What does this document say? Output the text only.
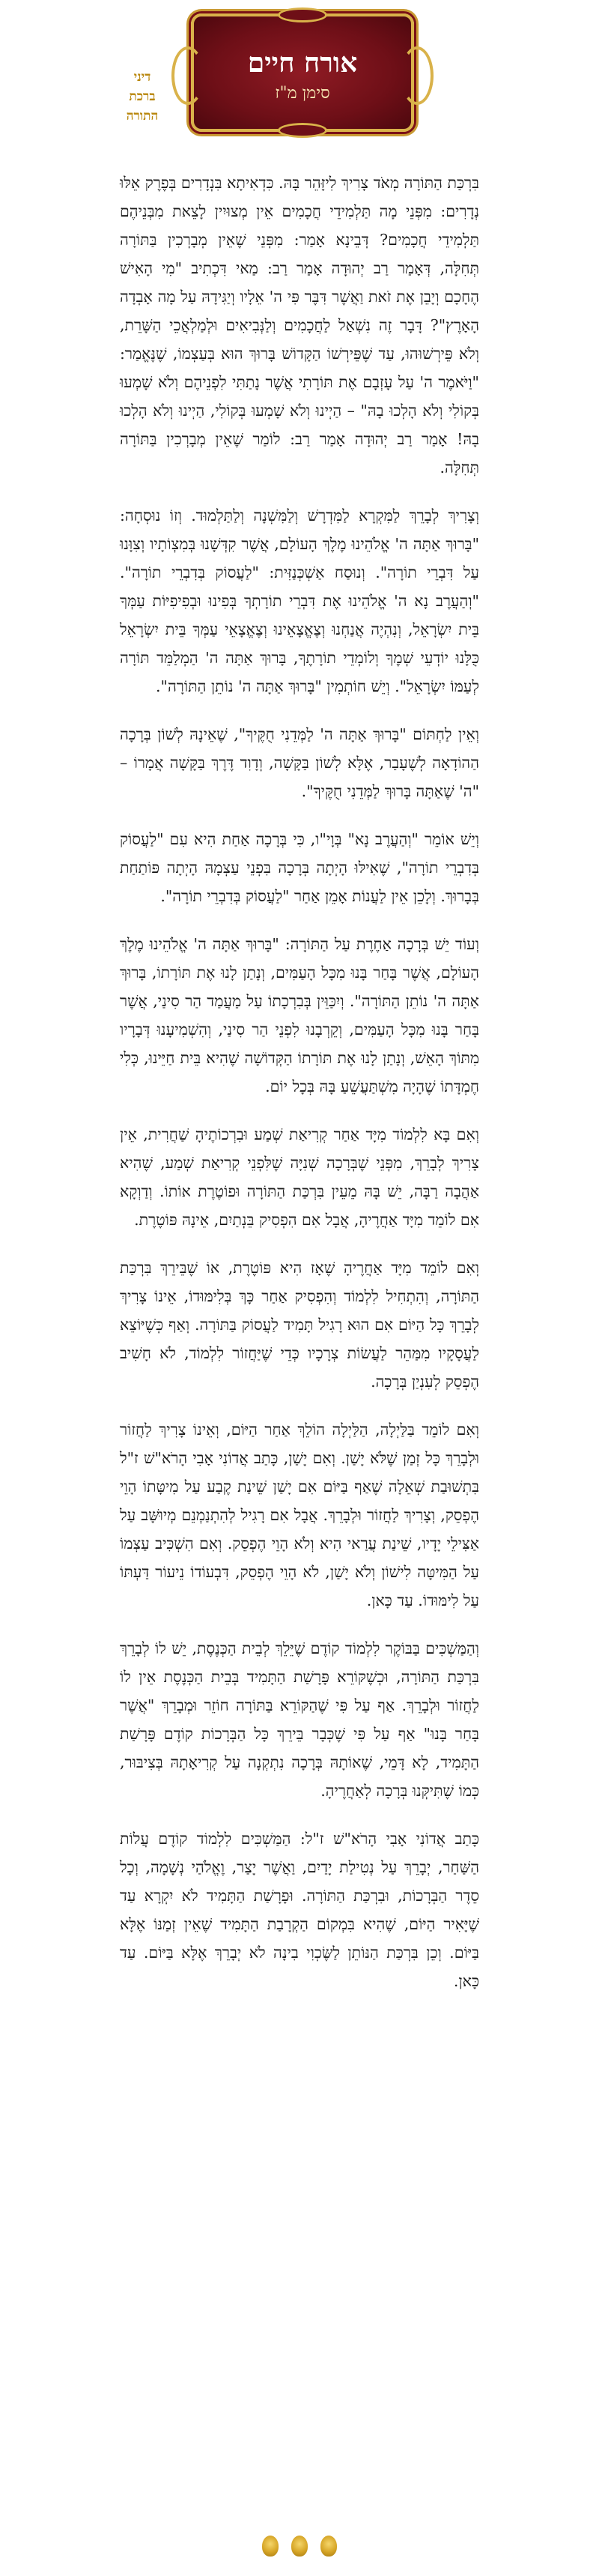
אורח חיים
סימן מ"ז
דיני
ברכת
התורה

בִּרְכַּת הַתּוֹרָה מְאֹד צָרִיךְ לִיזָּהֵר בָּהּ. כִּדְאִיתָא בִּנְדָרִים בְּפֶרֶק אֵלּוּ נְדָרִים: מִפְּנֵי מָה תַּלְמִידֵי חֲכָמִים אֵין מְצוּיִין לָצֵאת מִבְּנֵיהֶם תַּלְמִידֵי חֲכָמִים? דְּבֵינָא אָמַר: מִפְּנֵי שֶׁאֵין מְבָרְכִין בַּתּוֹרָה תְּחִלָּה, דְּאָמַר רַב יְהוּדָה אָמַר רַב: מַאי דִּכְתִיב "מִי הָאִישׁ הֶחָכָם וְיָבֵן אֶת זֹאת וַאֲשֶׁר דִּבֶּר פִּי ה' אֵלָיו וְיַגִּידָהּ עַל מָה אָבְדָה הָאָרֶץ"? דָּבָר זֶה נִשְׁאַל לַחֲכָמִים וְלַנְּבִיאִים וּלְמַלְאֲכֵי הַשָּׁרֵת, וְלֹא פֵּירְשׁוּהוּ, עַד שֶׁפֵּירְשׁוֹ הַקָּדוֹשׁ בָּרוּךְ הוּא בְּעַצְמוֹ, שֶׁנֶּאֱמַר: "וַיֹּאמֶר ה' עַל עָזְבָם אֶת תּוֹרָתִי אֲשֶׁר נָתַתִּי לִפְנֵיהֶם וְלֹא שָׁמְעוּ בְּקוֹלִי וְלֹא הָלְכוּ בָהּ" – הַיְינוּ וְלֹא שָׁמְעוּ בְּקוֹלִי, הַיְינוּ וְלֹא הָלְכוּ בָהּ! אָמַר רַב יְהוּדָה אָמַר רַב: לוֹמַר שֶׁאֵין מְבָרְכִין בַּתּוֹרָה תְּחִלָּה.

וְצָרִיךְ לְבָרֵךְ לַמִּקְרָא לַמִּדְרָשׁ וְלַמִּשְׁנָה וְלַתַּלְמוּד. וְזוֹ נוּסְחָה: "בָּרוּךְ אַתָּה ה' אֱלֹהֵינוּ מֶלֶךְ הָעוֹלָם, אֲשֶׁר קִדְּשָׁנוּ בְּמִצְוֹתָיו וְצִוָּנוּ עַל דִּבְרֵי תוֹרָה". וְנוּסַח אַשְׁכְּנַזִּית: "לַעֲסוֹק בְּדִבְרֵי תוֹרָה". "וְהַעֲרֶב נָא ה' אֱלֹהֵינוּ אֶת דִּבְרֵי תוֹרָתְךָ בְּפִינוּ וּבְפִיפִיּוֹת עַמְּךָ בֵּית יִשְׂרָאֵל, וְנִהְיֶה אֲנַחְנוּ וְצֶאֱצָאֵינוּ וְצֶאֱצָאֵי עַמְּךָ בֵּית יִשְׂרָאֵל כֻּלָּנוּ יוֹדְעֵי שְׁמֶךָ וְלוֹמְדֵי תוֹרָתֶךָ, בָּרוּךְ אַתָּה ה' הַמְלַמֵּד תּוֹרָה לְעַמּוֹ יִשְׂרָאֵל". וְיֵשׁ חוֹתְמִין "בָּרוּךְ אַתָּה ה' נוֹתֵן הַתּוֹרָה".

וְאֵין לַחְתּוֹם "בָּרוּךְ אַתָּה ה' לַמְּדֵנִי חֻקֶּיךָ", שֶׁאֵינָהּ לְשׁוֹן בְּרָכָה הַהוֹדָאָה לְשֶׁעָבַר, אֶלָּא לְשׁוֹן בַּקָּשָׁה, וְדָוִד דֶּרֶךְ בַּקָּשָׁה אֲמָרוֹ – "ה' שֶׁאַתָּה בָּרוּךְ לַמְּדֵנִי חֻקֶּיךָ".

וְיֵשׁ אוֹמֵר "וְהַעֲרֶב נָא" בְּוָי"ו, כִּי בְּרָכָה אַחַת הִיא עִם "לַעֲסוֹק בְּדִבְרֵי תוֹרָה", שֶׁאִילּוּ הָיְתָה בְּרָכָה בִּפְנֵי עַצְמָהּ הָיְתָה פּוֹתַחַת בְּבָרוּךְ. וְלָכֵן אֵין לַעֲנוֹת אָמֵן אַחַר "לַעֲסוֹק בְּדִבְרֵי תוֹרָה".

וְעוֹד יֵשׁ בְּרָכָה אַחֶרֶת עַל הַתּוֹרָה: "בָּרוּךְ אַתָּה ה' אֱלֹהֵינוּ מֶלֶךְ הָעוֹלָם, אֲשֶׁר בָּחַר בָּנוּ מִכָּל הָעַמִּים, וְנָתַן לָנוּ אֶת תּוֹרָתוֹ, בָּרוּךְ אַתָּה ה' נוֹתֵן הַתּוֹרָה". וְיִכַּוֵּין בְּבִרְכָתוֹ עַל מַעֲמַד הַר סִינַי, אֲשֶׁר בָּחַר בָּנוּ מִכָּל הָעַמִּים, וְקֵרְבָנוּ לִפְנֵי הַר סִינַי, וְהִשְׁמִיעָנוּ דְּבָרָיו מִתּוֹךְ הָאֵשׁ, וְנָתַן לָנוּ אֶת תּוֹרָתוֹ הַקְּדוֹשָׁה שֶׁהִיא בֵּית חַיֵּינוּ, כְּלִי חֶמְדָּתוֹ שֶׁהָיָה מִשְׁתַּעֲשֵׁעַ בָּהּ בְּכָל יוֹם.

וְאִם בָּא לִלְמוֹד מִיָּד אַחַר קְרִיאַת שְׁמַע וּבִרְכוֹתֶיהָ שַׁחֲרִית, אֵין צָרִיךְ לְבָרֵךְ, מִפְּנֵי שֶׁבְּרָכָה שְׁנִיָּה שֶׁלִּפְנֵי קְרִיאַת שְׁמַע, שֶׁהִיא אַהֲבָה רַבָּה, יֵשׁ בָּהּ מֵעֵין בִּרְכַּת הַתּוֹרָה וּפוֹטֶרֶת אוֹתוֹ. וְדַוְקָא אִם לוֹמֵד מִיָּד אַחֲרֶיהָ, אֲבָל אִם הִפְסִיק בֵּנְתַיִם, אֵינָהּ פּוֹטֶרֶת.

וְאִם לוֹמֵד מִיָּד אַחֲרֶיהָ שֶׁאָז הִיא פּוֹטֶרֶת, אוֹ שֶׁבֵּירֵךְ בִּרְכַּת הַתּוֹרָה, וְהִתְחִיל לִלְמוֹד וְהִפְסִיק אַחַר כָּךְ בְּלִימּוּדוֹ, אֵינוֹ צָרִיךְ לְבָרֵךְ כָּל הַיּוֹם אִם הוּא רָגִיל תָּמִיד לַעֲסוֹק בַּתּוֹרָה. וְאַף כְּשֶׁיּוֹצֵא לַעֲסָקָיו מִמַּהֵר לַעֲשׂוֹת צְרָכָיו כְּדֵי שֶׁיַּחֲזוֹר לִלְמוֹד, לֹא חָשִׁיב הֶפְסֵק לְעִנְיַן בְּרָכָה.

וְאִם לוֹמֵד בַּלַּיְלָה, הַלַּיְלָה הוֹלֵךְ אַחַר הַיּוֹם, וְאֵינוֹ צָרִיךְ לַחֲזוֹר וּלְבָרֵךְ כָּל זְמַן שֶׁלֹּא יָשַׁן. וְאִם יָשַׁן, כָּתַב אֲדוֹנִי אָבִי הָרֹא"שׁ ז"ל בִּתְשׁוּבַת שְׁאֵלָה שֶׁאַף בַּיּוֹם אִם יָשַׁן שֵׁינַת קֶבַע עַל מִיטָּתוֹ הָוֵי הֶפְסֵק, וְצָרִיךְ לַחֲזוֹר וּלְבָרֵךְ. אֲבָל אִם רָגִיל לְהִתְנַמְנֵם מְיוּשָּׁב עַל אַצִּילֵי יָדָיו, שֵׁינַת עֲרַאי הִיא וְלֹא הָוֵי הֶפְסֵק. וְאִם הִשְׁכִּיב עַצְמוֹ עַל הַמִּיטָּה לִישׁוֹן וְלֹא יָשַׁן, לֹא הָוֵי הֶפְסֵק, דִּבְעוֹדוֹ נֵיעוֹר דַּעְתּוֹ עַל לִימּוּדוֹ. עַד כָּאן.

וְהַמַּשְׁכִּים בַּבּוֹקֶר לִלְמוֹד קוֹדֶם שֶׁיֵּלֵךְ לְבֵית הַכְּנֶסֶת, יֵשׁ לוֹ לְבָרֵךְ בִּרְכַּת הַתּוֹרָה, וּכְשֶׁקּוֹרֵא פָּרָשַׁת הַתָּמִיד בְּבֵית הַכְּנֶסֶת אֵין לוֹ לַחֲזוֹר וּלְבָרֵךְ. אַף עַל פִּי שֶׁהַקּוֹרֵא בַּתּוֹרָה חוֹזֵר וּמְבָרֵךְ "אֲשֶׁר בָּחַר בָּנוּ" אַף עַל פִּי שֶׁכְּבָר בֵּירֵךְ כָּל הַבְּרָכוֹת קוֹדֶם פָּרָשַׁת הַתָּמִיד, לָא דָּמֵי, שֶׁאוֹתָהּ בְּרָכָה נִתְקְנָה עַל קְרִיאָתָהּ בְּצִיבּוּר, כְּמוֹ שֶׁתִּיקְּנוּ בְּרָכָה לְאַחֲרֶיהָ.

כָּתַב אֲדוֹנִי אָבִי הָרֹא"שׁ ז"ל: הַמַּשְׁכִּים לִלְמוֹד קוֹדֶם עֲלוֹת הַשַּׁחַר, יְבָרֵךְ עַל נְטִילַת יָדַיִם, וַאֲשֶׁר יָצַר, וֶאֱלֹהַי נְשָׁמָה, וְכָל סֵדֶר הַבְּרָכוֹת, וּבִרְכַּת הַתּוֹרָה. וּפָרָשַׁת הַתָּמִיד לֹא יִקְרָא עַד שֶׁיָּאִיר הַיּוֹם, שֶׁהִיא בִּמְקוֹם הַקְרָבַת הַתָּמִיד שֶׁאֵין זְמַנּוֹ אֶלָּא בַּיּוֹם. וְכֵן בִּרְכַּת הַנּוֹתֵן לַשֶּׂכְוִי בִינָה לֹא יְבָרֵךְ אֶלָּא בַּיּוֹם. עַד כָּאן.
